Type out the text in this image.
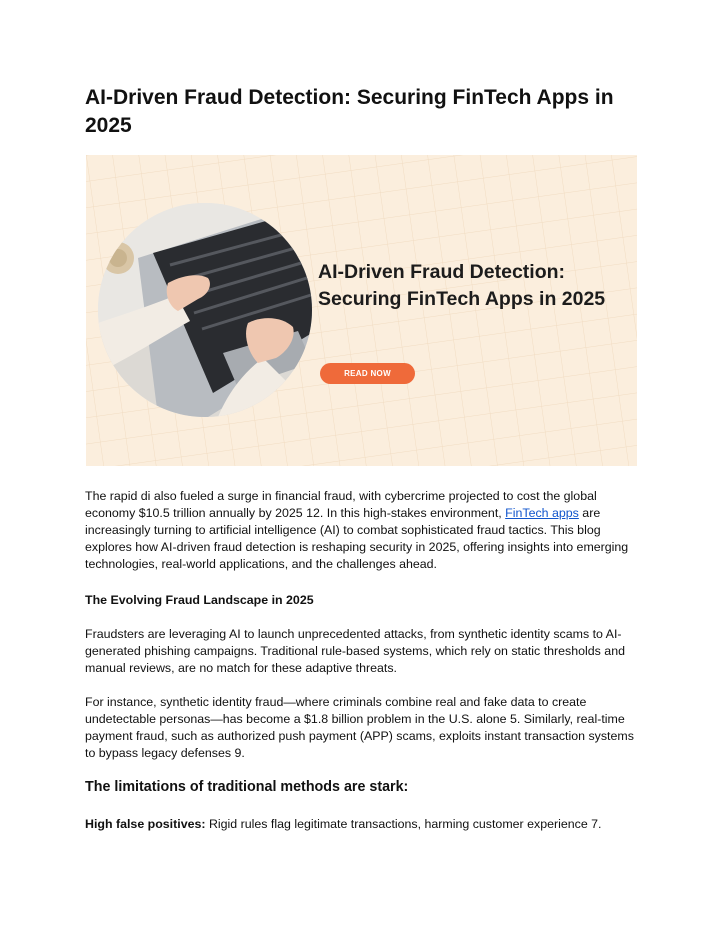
AI-Driven Fraud Detection: Securing FinTech Apps in 2025
AI-Driven Fraud Detection: Securing FinTech Apps in 2025
READ NOW

The rapid di also fueled a surge in financial fraud, with cybercrime projected to cost the global economy $10.5 trillion annually by 2025 12. In this high-stakes environment, FinTech apps are increasingly turning to artificial intelligence (AI) to combat sophisticated fraud tactics. This blog explores how AI-driven fraud detection is reshaping security in 2025, offering insights into emerging technologies, real-world applications, and the challenges ahead.

The Evolving Fraud Landscape in 2025

Fraudsters are leveraging AI to launch unprecedented attacks, from synthetic identity scams to AI-generated phishing campaigns. Traditional rule-based systems, which rely on static thresholds and manual reviews, are no match for these adaptive threats.

For instance, synthetic identity fraud—where criminals combine real and fake data to create undetectable personas—has become a $1.8 billion problem in the U.S. alone 5. Similarly, real-time payment fraud, such as authorized push payment (APP) scams, exploits instant transaction systems to bypass legacy defenses 9.

The limitations of traditional methods are stark:

High false positives: Rigid rules flag legitimate transactions, harming customer experience 7.
